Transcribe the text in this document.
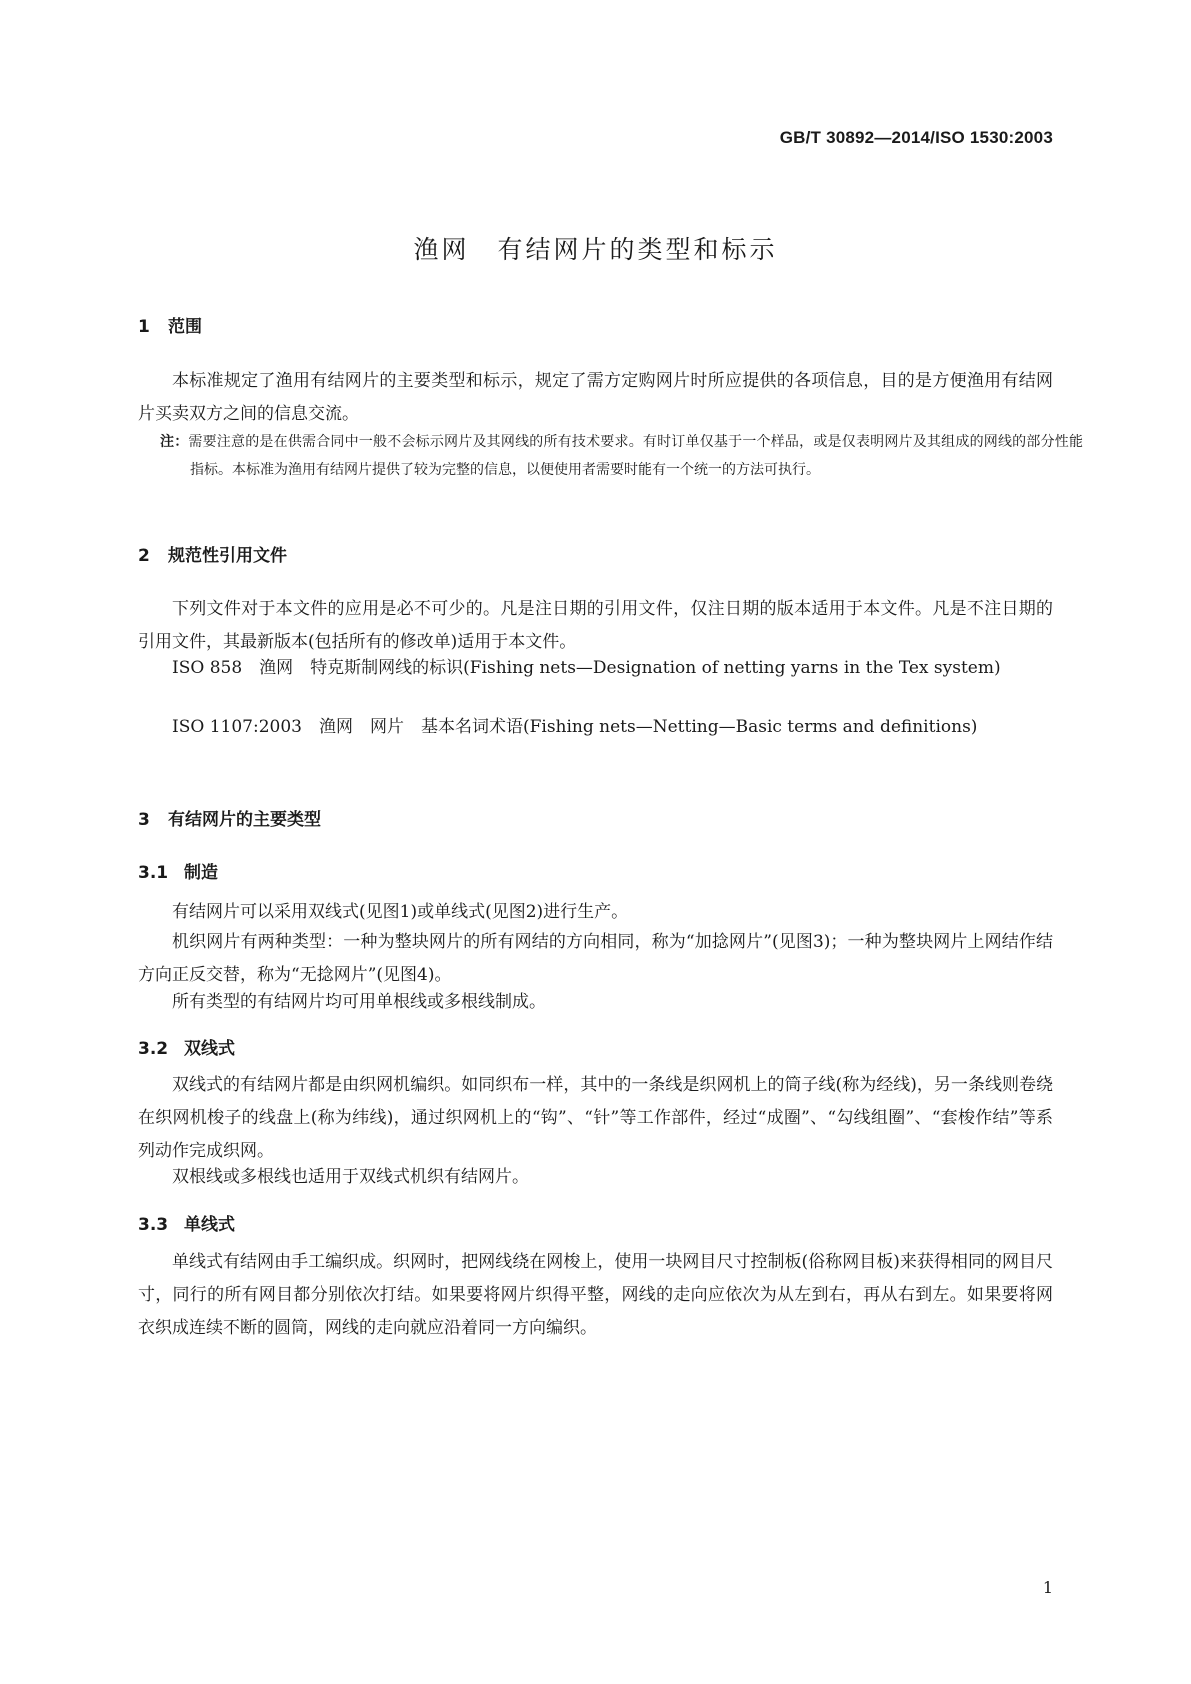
GB/T 30892—2014/ISO 1530:2003
渔网　有结网片的类型和标示
1 范围
本标准规定了渔用有结网片的主要类型和标示，规定了需方定购网片时所应提供的各项信息，目的是方便渔用有结网片买卖双方之间的信息交流。
注：需要注意的是在供需合同中一般不会标示网片及其网线的所有技术要求。有时订单仅基于一个样品，或是仅表明网片及其组成的网线的部分性能指标。本标准为渔用有结网片提供了较为完整的信息，以便使用者需要时能有一个统一的方法可执行。
2 规范性引用文件
下列文件对于本文件的应用是必不可少的。凡是注日期的引用文件，仅注日期的版本适用于本文件。凡是不注日期的引用文件，其最新版本(包括所有的修改单)适用于本文件。
ISO 858　渔网　特克斯制网线的标识(Fishing nets—Designation of netting yarns in the Tex system)
ISO 1107:2003　渔网　网片　基本名词术语(Fishing nets—Netting—Basic terms and definitions)
3 有结网片的主要类型
3.1 制造
有结网片可以采用双线式(见图1)或单线式(见图2)进行生产。
机织网片有两种类型：一种为整块网片的所有网结的方向相同，称为“加捻网片”(见图3)；一种为整块网片上网结作结方向正反交替，称为“无捻网片”(见图4)。
所有类型的有结网片均可用单根线或多根线制成。
3.2 双线式
双线式的有结网片都是由织网机编织。如同织布一样，其中的一条线是织网机上的筒子线(称为经线)，另一条线则卷绕在织网机梭子的线盘上(称为纬线)，通过织网机上的“钩”、“针”等工作部件，经过“成圈”、“勾线组圈”、“套梭作结”等系列动作完成织网。
双根线或多根线也适用于双线式机织有结网片。
3.3 单线式
单线式有结网由手工编织成。织网时，把网线绕在网梭上，使用一块网目尺寸控制板(俗称网目板)来获得相同的网目尺寸，同行的所有网目都分别依次打结。如果要将网片织得平整，网线的走向应依次为从左到右，再从右到左。如果要将网衣织成连续不断的圆筒，网线的走向就应沿着同一方向编织。
1
